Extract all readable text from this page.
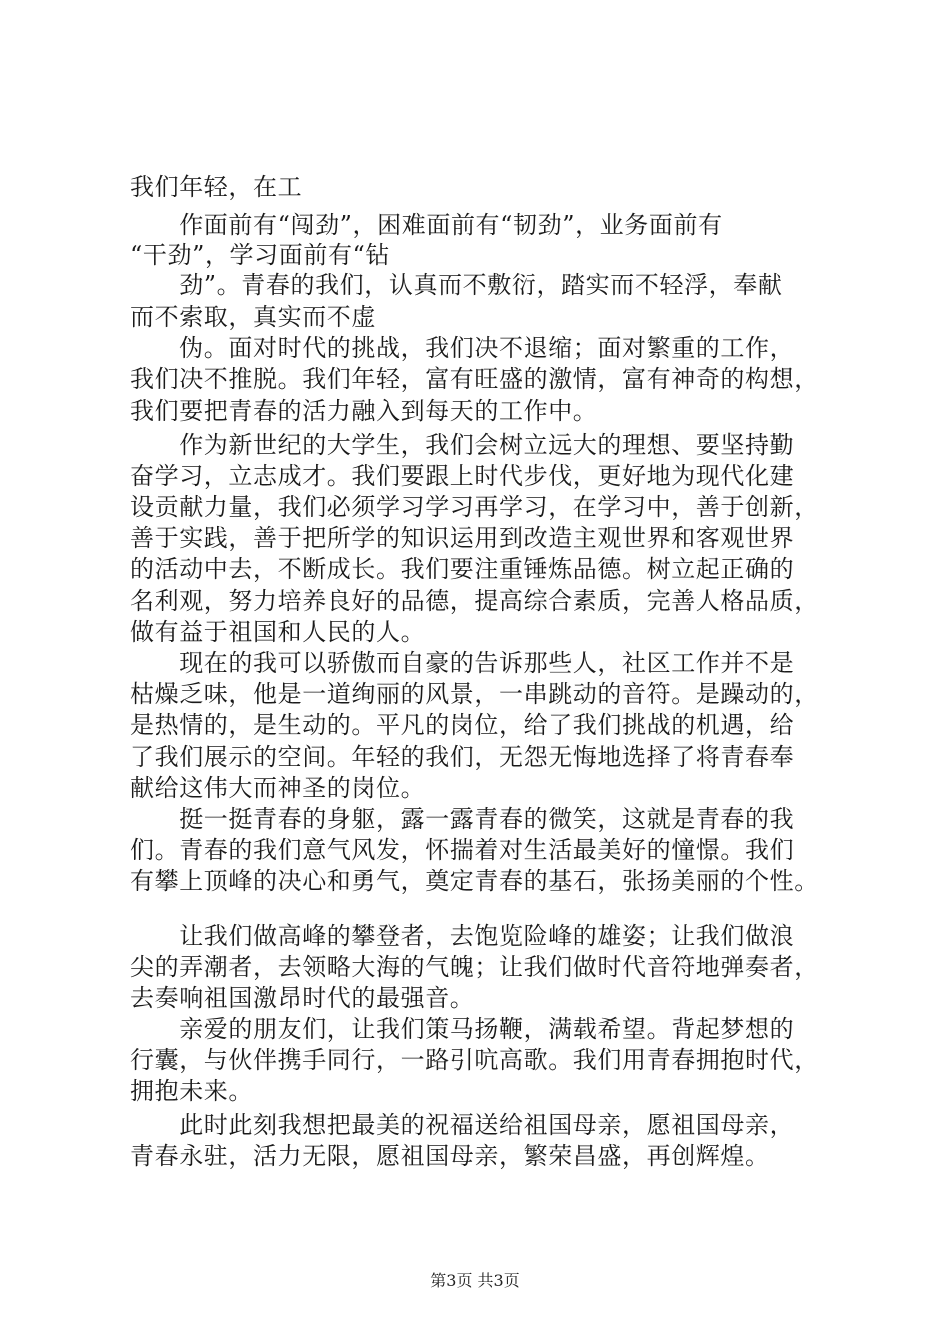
我们年轻，在工
　　作面前有“闯劲”，困难面前有“韧劲”，业务面前有
“干劲”，学习面前有“钻
　　劲”。青春的我们，认真而不敷衍，踏实而不轻浮，奉献
而不索取，真实而不虚
　　伪。面对时代的挑战，我们决不退缩；面对繁重的工作，
我们决不推脱。我们年轻，富有旺盛的激情，富有神奇的构想，
我们要把青春的活力融入到每天的工作中。
　　作为新世纪的大学生，我们会树立远大的理想、要坚持勤
奋学习，立志成才。我们要跟上时代步伐，更好地为现代化建
设贡献力量，我们必须学习学习再学习，在学习中，善于创新，
善于实践，善于把所学的知识运用到改造主观世界和客观世界
的活动中去，不断成长。我们要注重锤炼品德。树立起正确的
名利观，努力培养良好的品德，提高综合素质，完善人格品质，
做有益于祖国和人民的人。
　　现在的我可以骄傲而自豪的告诉那些人，社区工作并不是
枯燥乏味，他是一道绚丽的风景，一串跳动的音符。是躁动的，
是热情的，是生动的。平凡的岗位，给了我们挑战的机遇，给
了我们展示的空间。年轻的我们，无怨无悔地选择了将青春奉
献给这伟大而神圣的岗位。
　　挺一挺青春的身躯，露一露青春的微笑，这就是青春的我
们。青春的我们意气风发，怀揣着对生活最美好的憧憬。我们
有攀上顶峰的决心和勇气，奠定青春的基石，张扬美丽的个性。
　　让我们做高峰的攀登者，去饱览险峰的雄姿；让我们做浪
尖的弄潮者，去领略大海的气魄；让我们做时代音符地弹奏者，
去奏响祖国激昂时代的最强音。
　　亲爱的朋友们，让我们策马扬鞭，满载希望。背起梦想的
行囊，与伙伴携手同行，一路引吭高歌。我们用青春拥抱时代，
拥抱未来。
　　此时此刻我想把最美的祝福送给祖国母亲，愿祖国母亲，
青春永驻，活力无限，愿祖国母亲，繁荣昌盛，再创辉煌。
第3页 共3页
